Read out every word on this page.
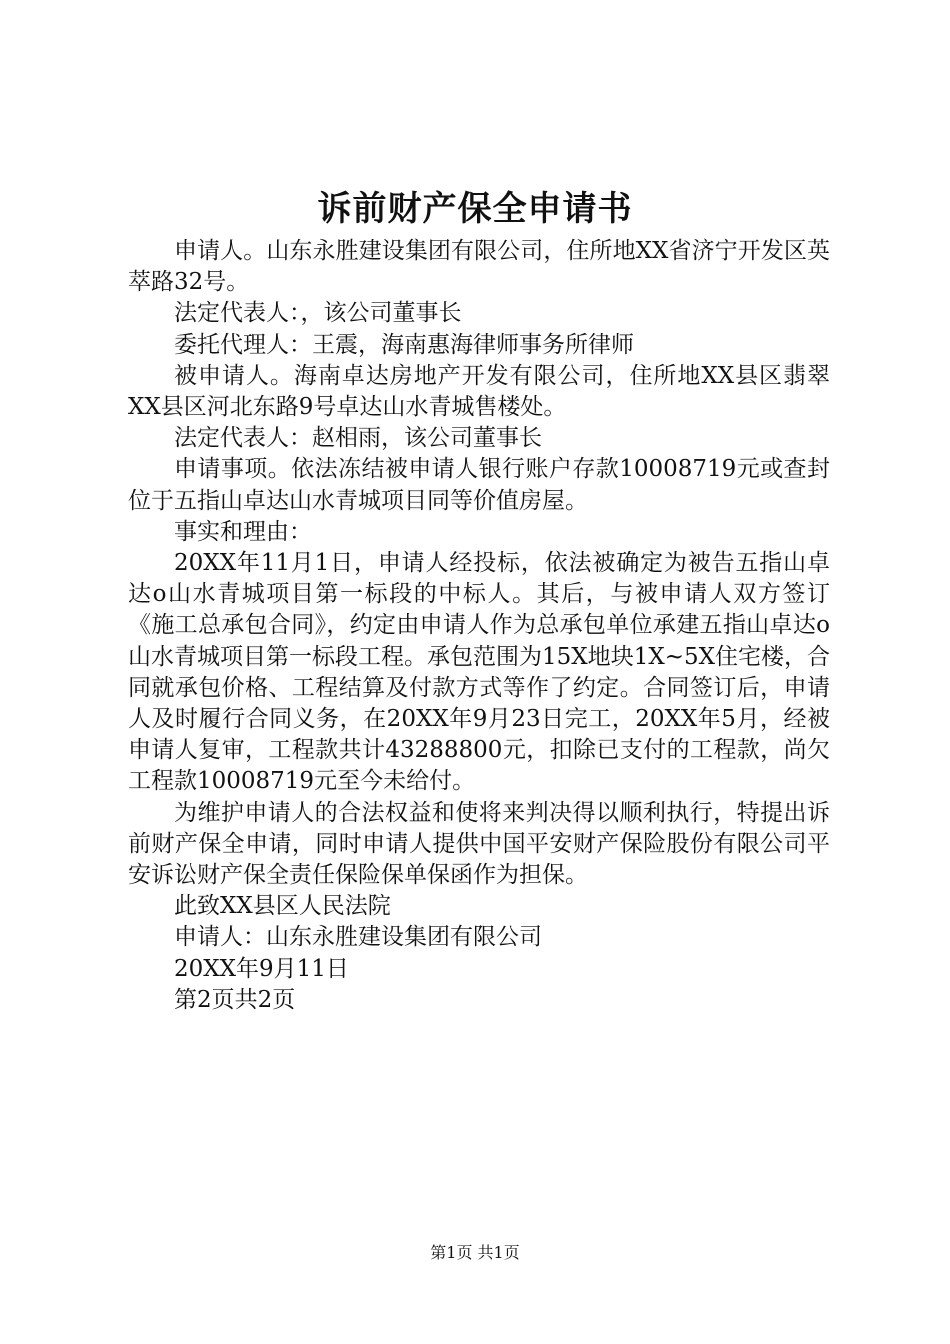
诉前财产保全申请书

申请人。山东永胜建设集团有限公司，住所地XX省济宁开发区英萃路32号。

法定代表人：，该公司董事长

委托代理人：王震，海南惠海律师事务所律师

被申请人。海南卓达房地产开发有限公司，住所地XX县区翡翠XX县区河北东路9号卓达山水青城售楼处。

法定代表人：赵相雨，该公司董事长

申请事项。依法冻结被申请人银行账户存款10008719元或查封位于五指山卓达山水青城项目同等价值房屋。

事实和理由：

20XX年11月1日，申请人经投标，依法被确定为被告五指山卓达o山水青城项目第一标段的中标人。其后，与被申请人双方签订《施工总承包合同》，约定由申请人作为总承包单位承建五指山卓达o山水青城项目第一标段工程。承包范围为15X地块1X~5X住宅楼，合同就承包价格、工程结算及付款方式等作了约定。合同签订后，申请人及时履行合同义务，在20XX年9月23日完工，20XX年5月，经被申请人复审，工程款共计43288800元，扣除已支付的工程款，尚欠工程款10008719元至今未给付。

为维护申请人的合法权益和使将来判决得以顺利执行，特提出诉前财产保全申请，同时申请人提供中国平安财产保险股份有限公司平安诉讼财产保全责任保险保单保函作为担保。

此致XX县区人民法院

申请人：山东永胜建设集团有限公司

20XX年9月11日

第2页共2页

第1页 共1页
